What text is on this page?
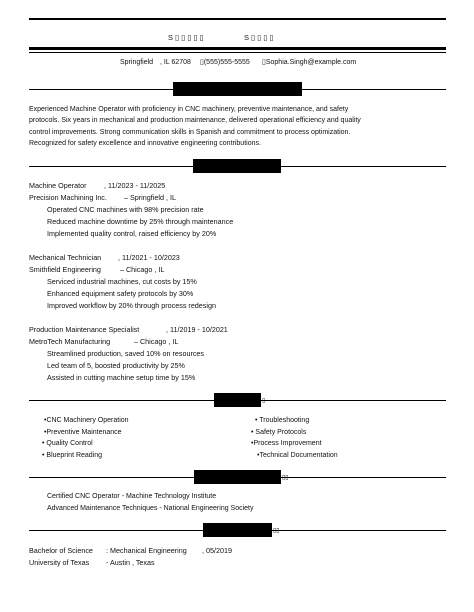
S▯▯▯▯▯	S▯▯▯▯
Springfield , IL 62708 ▯(555)555-5555 ▯Sophia.Singh@example.com
Experienced Machine Operator with proficiency in CNC machinery, preventive maintenance, and safety protocols. Six years in mechanical and production maintenance, delivered operational efficiency and quality control improvements. Strong communication skills in Spanish and commitment to process optimization. Recognized for safety excellence and innovative engineering contributions.
Machine Operator , 11/2023 - 11/2025
Precision Machining Inc. – Springfield , IL
Operated CNC machines with 98% precision rate
Reduced machine downtime by 25% through maintenance
Implemented quality control, raised efficiency by 20%
Mechanical Technician , 11/2021 - 10/2023
Smithfield Engineering	– Chicago , IL
Serviced industrial machines, cut costs by 15%
Enhanced equipment safety protocols by 30%
Improved workflow by 20% through process redesign
Production Maintenance Specialist	, 11/2019 - 10/2021
MetroTech Manufacturing	– Chicago , IL
Streamlined production, saved 10% on resources
Led team of 5, boosted productivity by 25%
Assisted in cutting machine setup time by 15%
▯
•CNC Machinery Operation
•Preventive Maintenance
• Quality Control
• Blueprint Reading
• Troubleshooting
• Safety Protocols
•Process Improvement
•Technical Documentation
▯▯
Certified CNC Operator - Machine Technology Institute
Advanced Maintenance Techniques - National Engineering Society
▯▯
Bachelor of Science : Mechanical Engineering , 05/2019
University of Texas - Austin , Texas
